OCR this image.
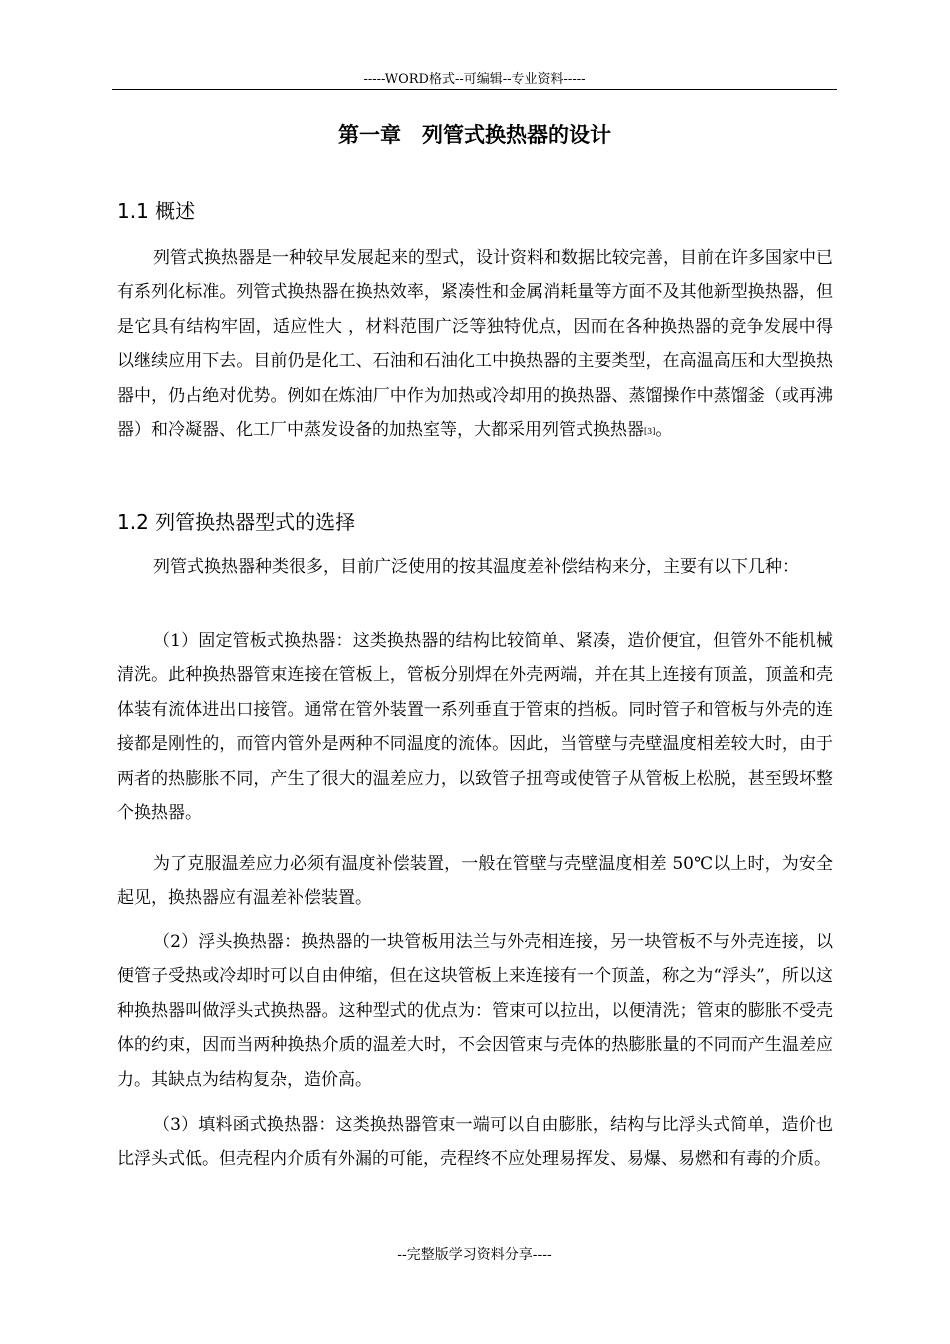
-----WORD格式--可编辑--专业资料-----
第一章　列管式换热器的设计
1.1 概述

列管式换热器是一种较早发展起来的型式，设计资料和数据比较完善，目前在许多国家中已有系列化标准。列管式换热器在换热效率，紧凑性和金属消耗量等方面不及其他新型换热器，但是它具有结构牢固，适应性大 ，材料范围广泛等独特优点，因而在各种换热器的竞争发展中得以继续应用下去。目前仍是化工、石油和石油化工中换热器的主要类型，在高温高压和大型换热器中，仍占绝对优势。例如在炼油厂中作为加热或冷却用的换热器、蒸馏操作中蒸馏釜（或再沸器）和冷凝器、化工厂中蒸发设备的加热室等，大都采用列管式换热器[3]。

1.2 列管换热器型式的选择

列管式换热器种类很多，目前广泛使用的按其温度差补偿结构来分，主要有以下几种：

（1）固定管板式换热器：这类换热器的结构比较简单、紧凑，造价便宜，但管外不能机械清洗。此种换热器管束连接在管板上，管板分别焊在外壳两端，并在其上连接有顶盖，顶盖和壳体装有流体进出口接管。通常在管外装置一系列垂直于管束的挡板。同时管子和管板与外壳的连接都是刚性的，而管内管外是两种不同温度的流体。因此，当管壁与壳壁温度相差较大时，由于两者的热膨胀不同，产生了很大的温差应力，以致管子扭弯或使管子从管板上松脱，甚至毁坏整个换热器。

为了克服温差应力必须有温度补偿装置，一般在管壁与壳壁温度相差 50℃以上时，为安全起见，换热器应有温差补偿装置。

（2）浮头换热器：换热器的一块管板用法兰与外壳相连接，另一块管板不与外壳连接，以便管子受热或冷却时可以自由伸缩，但在这块管板上来连接有一个顶盖，称之为“浮头”，所以这种换热器叫做浮头式换热器。这种型式的优点为：管束可以拉出，以便清洗；管束的膨胀不受壳体的约束，因而当两种换热介质的温差大时，不会因管束与壳体的热膨胀量的不同而产生温差应力。其缺点为结构复杂，造价高。

（3）填料函式换热器：这类换热器管束一端可以自由膨胀，结构与比浮头式简单，造价也比浮头式低。但壳程内介质有外漏的可能，壳程终不应处理易挥发、易爆、易燃和有毒的介质。

--完整版学习资料分享----
